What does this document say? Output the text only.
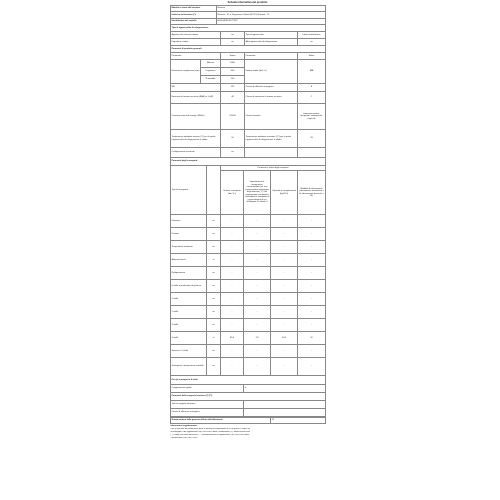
Scheda informativa del prodotto
Marchio o nome del fornitore	Hisense
Indirizzo del fornitore (*):	Hisense - 31 a, Fegurrenna Street (NC7P), Hisense - T1
Identificativo del modello	H328 WSE N/CT/W/T
Tipo di apparecchio di refrigerazione:
Apparecchio a basso rumore	no	Tipo di apparecchio	Libero installazione
Frigorifero cantina	no	Altro apparecchio di refrigerazione	no
Parametri di prodotto generali:
Parametro		Valore	Parametro	Valore
Dimensioni complessive (mm)	Altezza	1800	Volume totale (dm³ o l)	318
	Larghezza	600		
	Profondità	590		
IEE		125	Classe di efficienza energetica	E
Emissioni di rumore acustico (dB(A) re 1 pW)		40	Classe di emissione di rumore acustico	C
Consumo annuo di energia (kWh/a)		313,00	Classe climatica	temperata estesa, temperata, subtropicale, tropicale
Temperatura ambiente minima (°C) per la quale l'apparecchio di refrigerazione è adatto		10	Temperatura ambiente massima (°C) per la quale l'apparecchio di refrigerazione è adatto	43
Configurazione invernale		no		
Parametri degli scomparti:
Tipo di scomparto		Parametri e valori degli scomparti			
		Volume scomparto (dm³ o l)	Impostazione di temperatura raccomandata per una conservazione ottimizzata degli alimenti (°C) Tali impostazioni non devono contraddire le condizioni di conservazione di cui all'allegato IV, tabella 3	Capacità di congelamento (kg/24 h)	Modalità di sbrinamento (sbrinamento automatico = A, sbrinamento manuale = M)
Dispensa	no	-	-	-	-
Cantina	no	-	-	-	-
Temperatura moderata	no	-	-	-	-
Alimenti freschi	sì	-	-	-	-
Refrigerazione	no	-	-	-	-
0 stelle o produzione di ghiaccio	no	-	-	-	-
1 stella	no	-	-	-	-
2 stelle	no	-	-	-	-
3 stelle	no	-	-	-	-
4 stelle	sì	89,0	-18	6,00	M
Sezione a 2 stelle	no	-	-	-	-
Scomparto a temperatura variabile	no	-	-	-	-
Per gli scomparti a 4 stelle
Congelamento rapido	sì
Parametri della sorgente luminosa (*) (**):
Tipo di sorgente luminosa	
Classe di efficienza energetica	
Durata minima della garanzia offerta dal fabbricante	24
Informazioni supplementari:
Link al sito web del fabbricante, dove si trovano le informazioni di cui al punto 4, lettera a),
dell'allegato II del regolamento (UE) 2019/2019 della Commissione (1): www.hisense.com
(*) i campi non sono necessari, (**) conformemente al regolamento (UE) 2019/2020 della
Commissione (UE) 2017/1369
